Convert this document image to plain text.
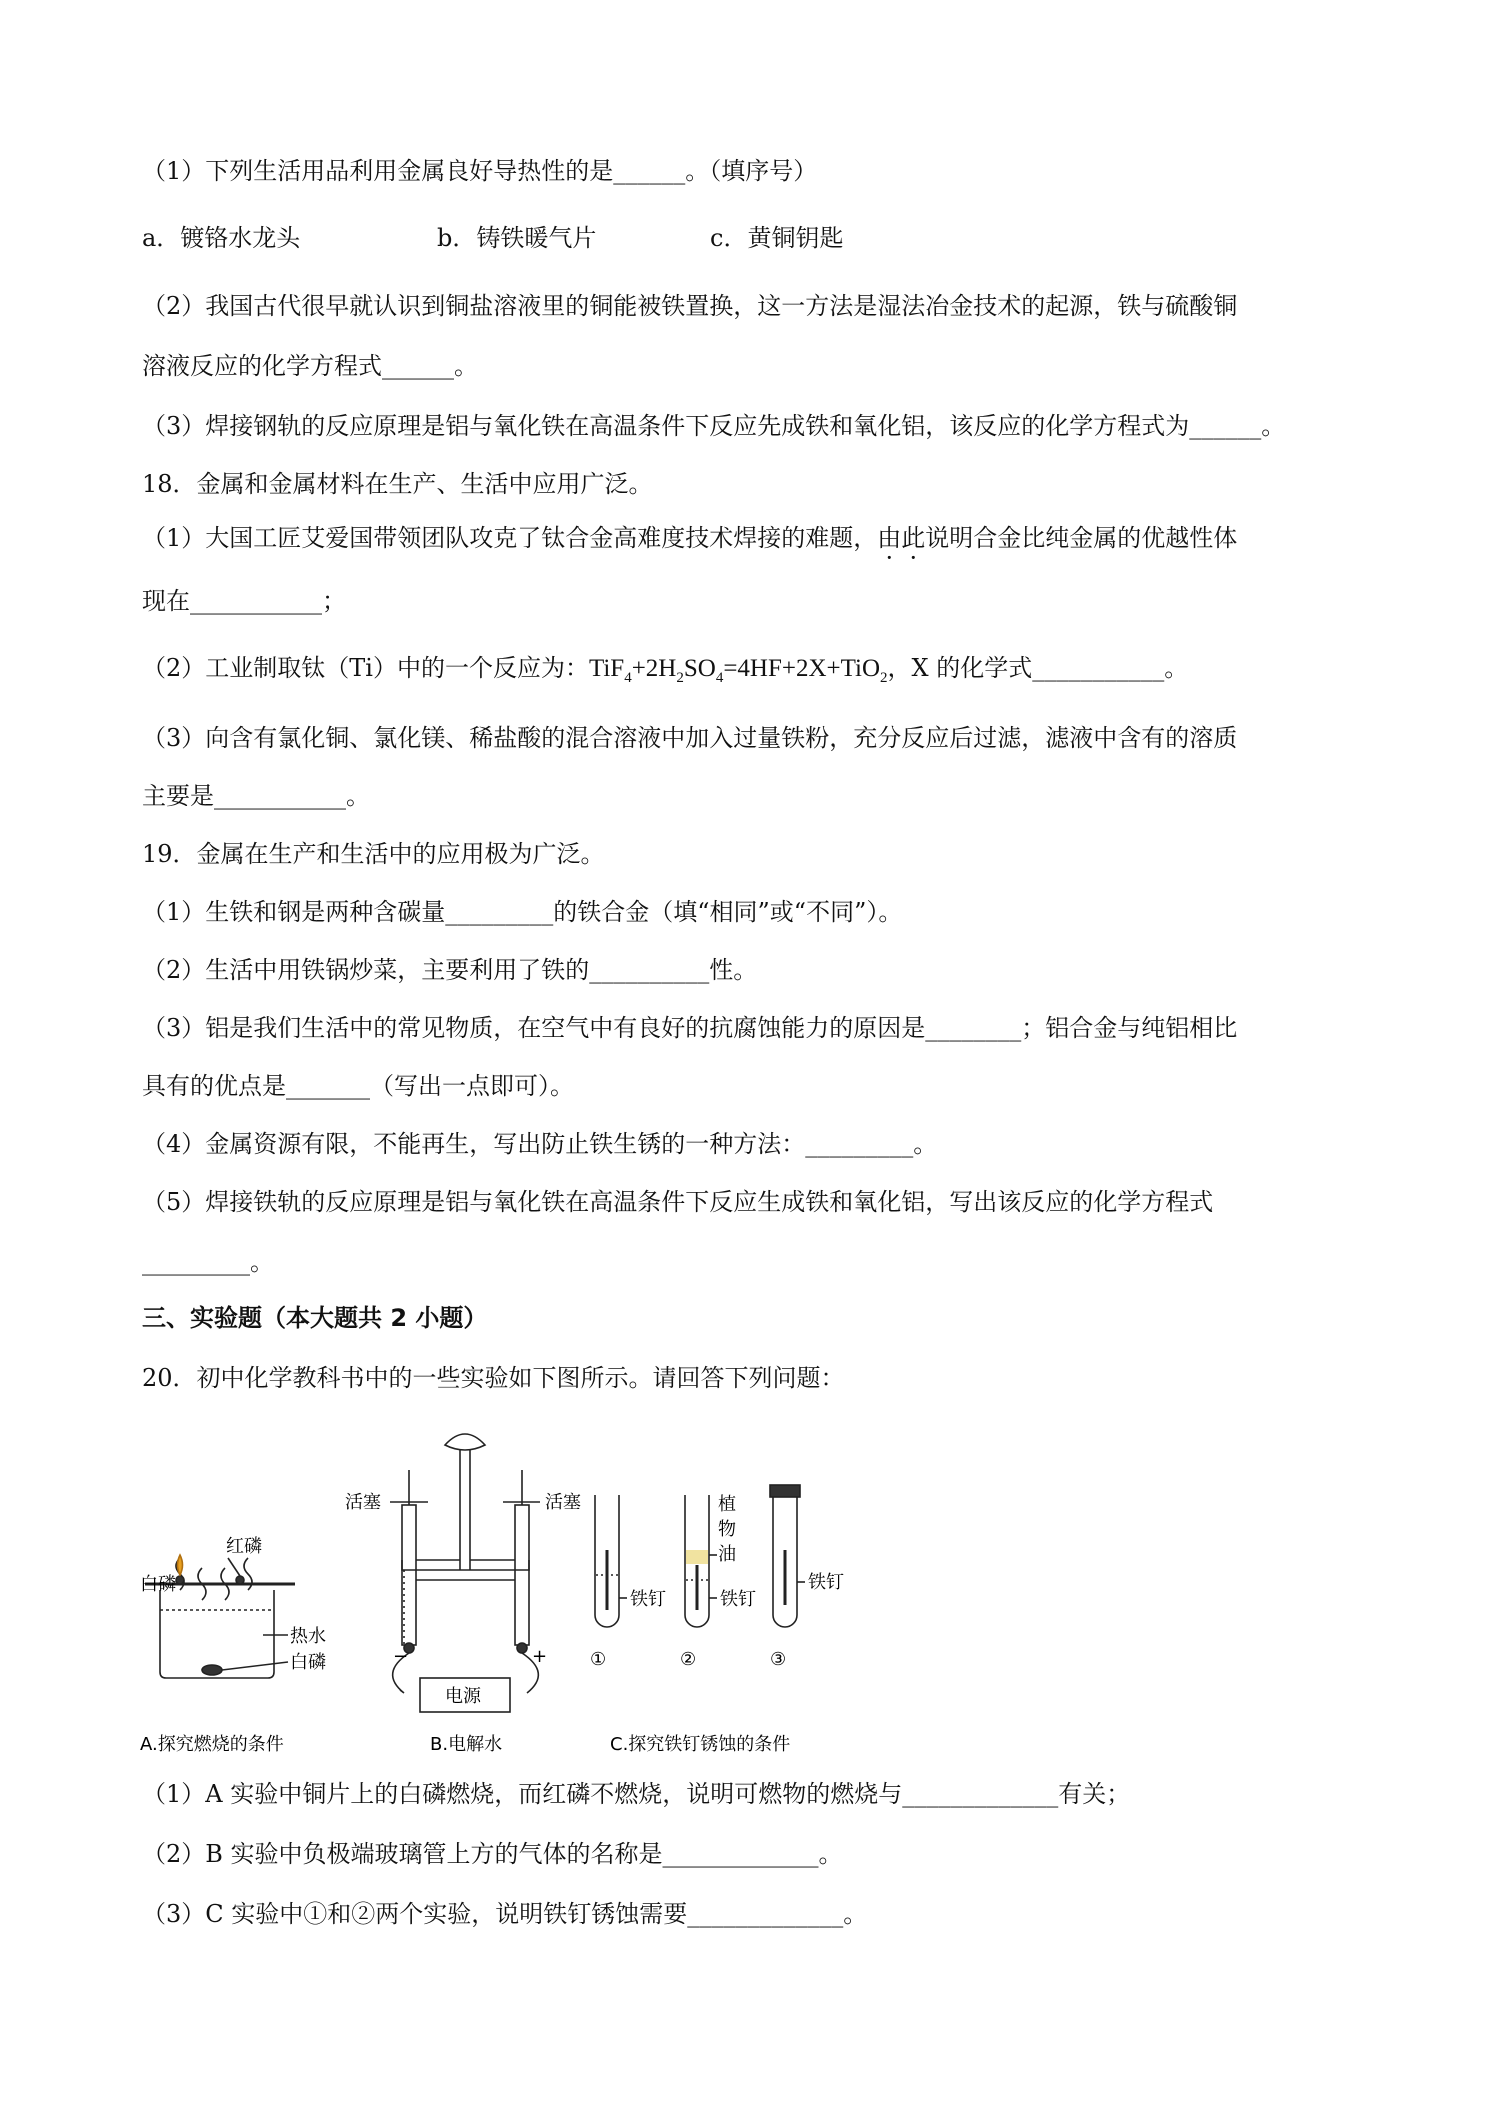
（1）下列生活用品利用金属良好导热性的是______。（填序号）
a．镀铬水龙头	b．铸铁暖气片	c．黄铜钥匙
（2）我国古代很早就认识到铜盐溶液里的铜能被铁置换，这一方法是湿法冶金技术的起源，铁与硫酸铜
溶液反应的化学方程式______。
（3）焊接钢轨的反应原理是铝与氧化铁在高温条件下反应先成铁和氧化铝，该反应的化学方程式为______。
18．金属和金属材料在生产、生活中应用广泛。
（1）大国工匠艾爱国带领团队攻克了钛合金高难度技术焊接的难题，由此说明合金比纯金属的优越性体
现在___________；
（2）工业制取钛（Ti）中的一个反应为：$TiF_4+2H_2SO_4=4HF+2X+TiO_2$，X 的化学式___________。
（3）向含有氯化铜、氯化镁、稀盐酸的混合溶液中加入过量铁粉，充分反应后过滤，滤液中含有的溶质
主要是___________。
19．金属在生产和生活中的应用极为广泛。
（1）生铁和钢是两种含碳量_________的铁合金（填“相同”或“不同”）。
（2）生活中用铁锅炒菜，主要利用了铁的__________性。
（3）铝是我们生活中的常见物质，在空气中有良好的抗腐蚀能力的原因是________；铝合金与纯铝相比
具有的优点是_______（写出一点即可）。
（4）金属资源有限，不能再生，写出防止铁生锈的一种方法：_________。
（5）焊接铁轨的反应原理是铝与氧化铁在高温条件下反应生成铁和氧化铝，写出该反应的化学方程式
_________。
三、实验题（本大题共 2 小题）
20．初中化学教科书中的一些实验如下图所示。请回答下列问题：
白磷
红磷
热水
白磷
A.探究燃烧的条件
活塞	活塞
−	+
电源
B.电解水
铁钉
植
物
油
铁钉
铁钉
①	②	③
C.探究铁钉锈蚀的条件
（1）A 实验中铜片上的白磷燃烧，而红磷不燃烧，说明可燃物的燃烧与_____________有关；
（2）B 实验中负极端玻璃管上方的气体的名称是_____________。
（3）C 实验中①和②两个实验，说明铁钉锈蚀需要_____________。
